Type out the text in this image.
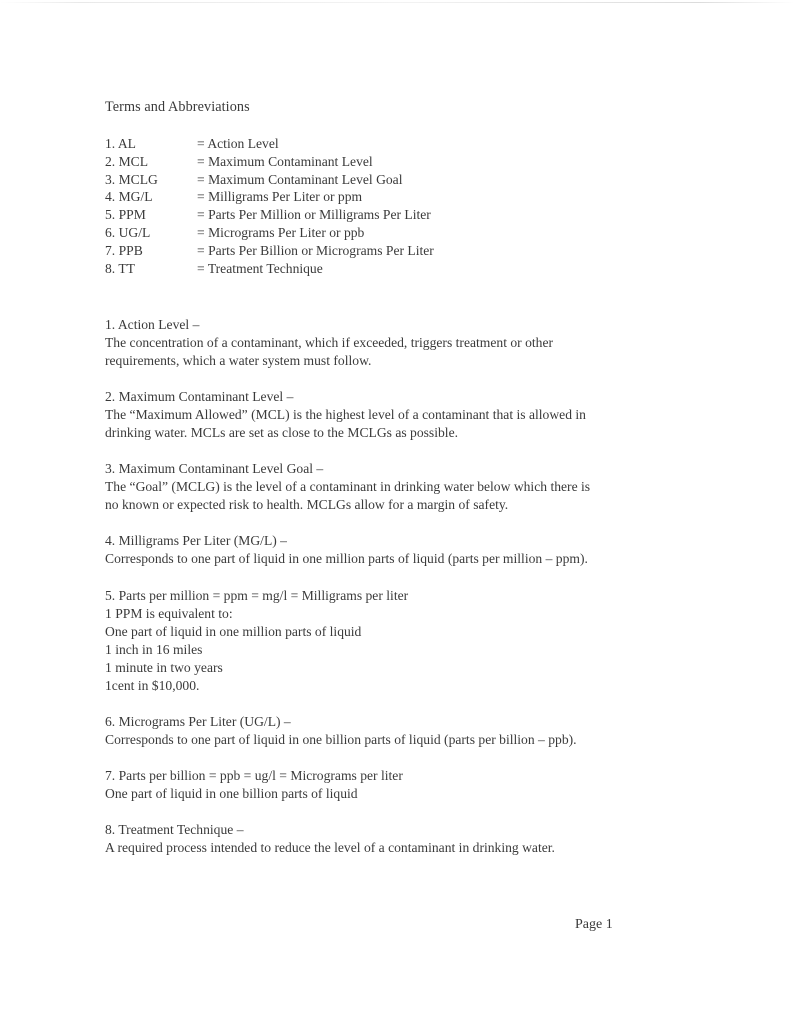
Terms and Abbreviations
1. AL	= Action Level
2. MCL	= Maximum Contaminant Level
3. MCLG	= Maximum Contaminant Level Goal
4. MG/L	= Milligrams Per Liter or ppm
5. PPM	= Parts Per Million or Milligrams Per Liter
6. UG/L	= Micrograms Per Liter or ppb
7. PPB	= Parts Per Billion or Micrograms Per Liter
8. TT	= Treatment Technique

1. Action Level –

The concentration of a contaminant, which if exceeded, triggers treatment or other

requirements, which a water system must follow.

2. Maximum Contaminant Level –

The “Maximum Allowed” (MCL) is the highest level of a contaminant that is allowed in

drinking water. MCLs are set as close to the MCLGs as possible.

3. Maximum Contaminant Level Goal –

The “Goal” (MCLG) is the level of a contaminant in drinking water below which there is

no known or expected risk to health. MCLGs allow for a margin of safety.

4. Milligrams Per Liter (MG/L) –

Corresponds to one part of liquid in one million parts of liquid (parts per million – ppm).

5. Parts per million = ppm = mg/l = Milligrams per liter

1 PPM is equivalent to:

One part of liquid in one million parts of liquid

1 inch in 16 miles

1 minute in two years

1cent in $10,000.

6. Micrograms Per Liter (UG/L) –

Corresponds to one part of liquid in one billion parts of liquid (parts per billion – ppb).

7. Parts per billion = ppb = ug/l = Micrograms per liter

One part of liquid in one billion parts of liquid

8. Treatment Technique –

A required process intended to reduce the level of a contaminant in drinking water.

Page 1
